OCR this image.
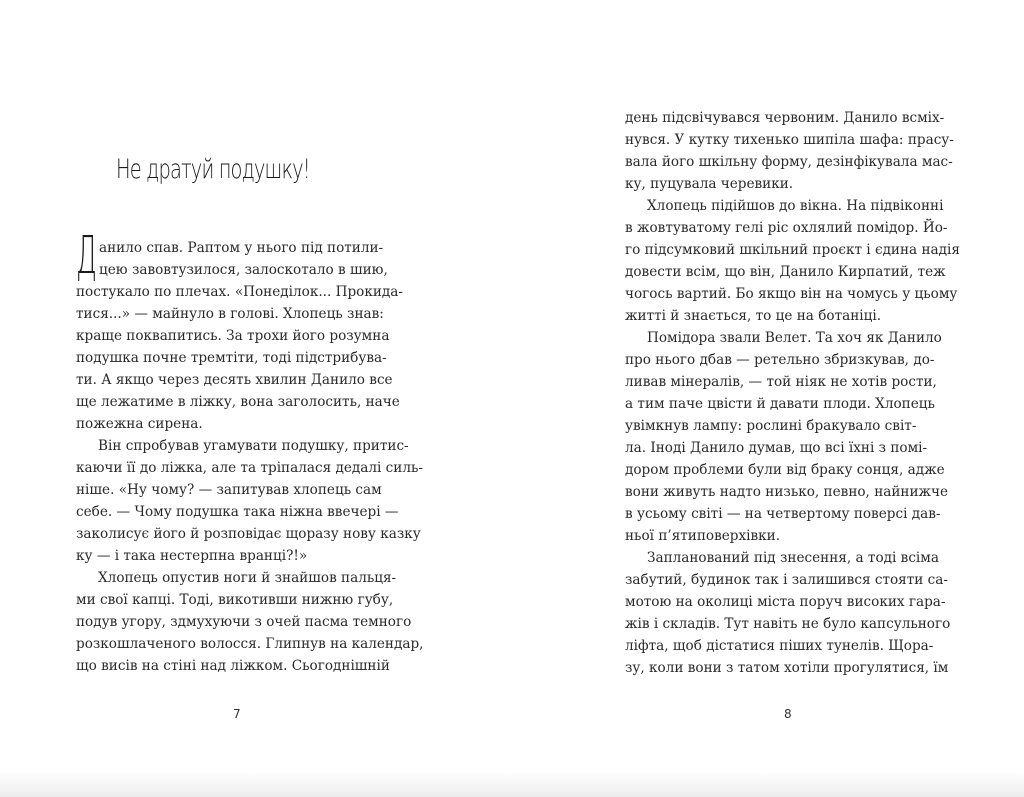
Не дратуй подушку!
Д анило спав. Раптом у нього під потили-
цею завовтузилося, залоскотало в шию,
постукало по плечах. «Понеділок... Прокида-
тися...» — майнуло в голові. Хлопець знав:
краще поквапитись. За трохи його розумна
подушка почне тремтіти, тоді підстрибува-
ти. А якщо через десять хвилин Данило все
ще лежатиме в ліжку, вона заголосить, наче
пожежна сирена.
Він спробував угамувати подушку, притис-
каючи її до ліжка, але та тріпалася дедалі силь-
ніше. «Ну чому? — запитував хлопець сам
себе. — Чому подушка така ніжна ввечері —
заколисує його й розповідає щоразу нову казку
ку — і така нестерпна вранці?!»
Хлопець опустив ноги й знайшов пальця-
ми свої капці. Тоді, викотивши нижню губу,
подув угору, здмухуючи з очей пасма темного
розкошлаченого волосся. Глипнув на календар,
що висів на стіні над ліжком. Сьогоднішній
день підсвічувався червоним. Данило всміх-
нувся. У кутку тихенько шипіла шафа: прасу-
вала його шкільну форму, дезінфікувала мас-
ку, пуцувала черевики.
Хлопець підійшов до вікна. На підвіконні
в жовтуватому гелі ріс охлялий помідор. Йо-
го підсумковий шкільний проєкт і єдина надія
довести всім, що він, Данило Кирпатий, теж
чогось вартий. Бо якщо він на чомусь у цьому
житті й знається, то це на ботаніці.
Помідора звали Велет. Та хоч як Данило
про нього дбав — ретельно збризкував, до-
ливав мінералів, — той ніяк не хотів рости,
а тим паче цвісти й давати плоди. Хлопець
увімкнув лампу: рослині бракувало світ-
ла. Іноді Данило думав, що всі їхні з помі-
дором проблеми були від браку сонця, адже
вони живуть надто низько, певно, найнижче
в усьому світі — на четвертому поверсі дав-
ньої п’ятиповерхівки.
Запланований під знесення, а тоді всіма
забутий, будинок так і залишився стояти са-
мотою на околиці міста поруч високих гара-
жів і складів. Тут навіть не було капсульного
ліфта, щоб дістатися піших тунелів. Щора-
зу, коли вони з татом хотіли прогулятися, їм
7	8
